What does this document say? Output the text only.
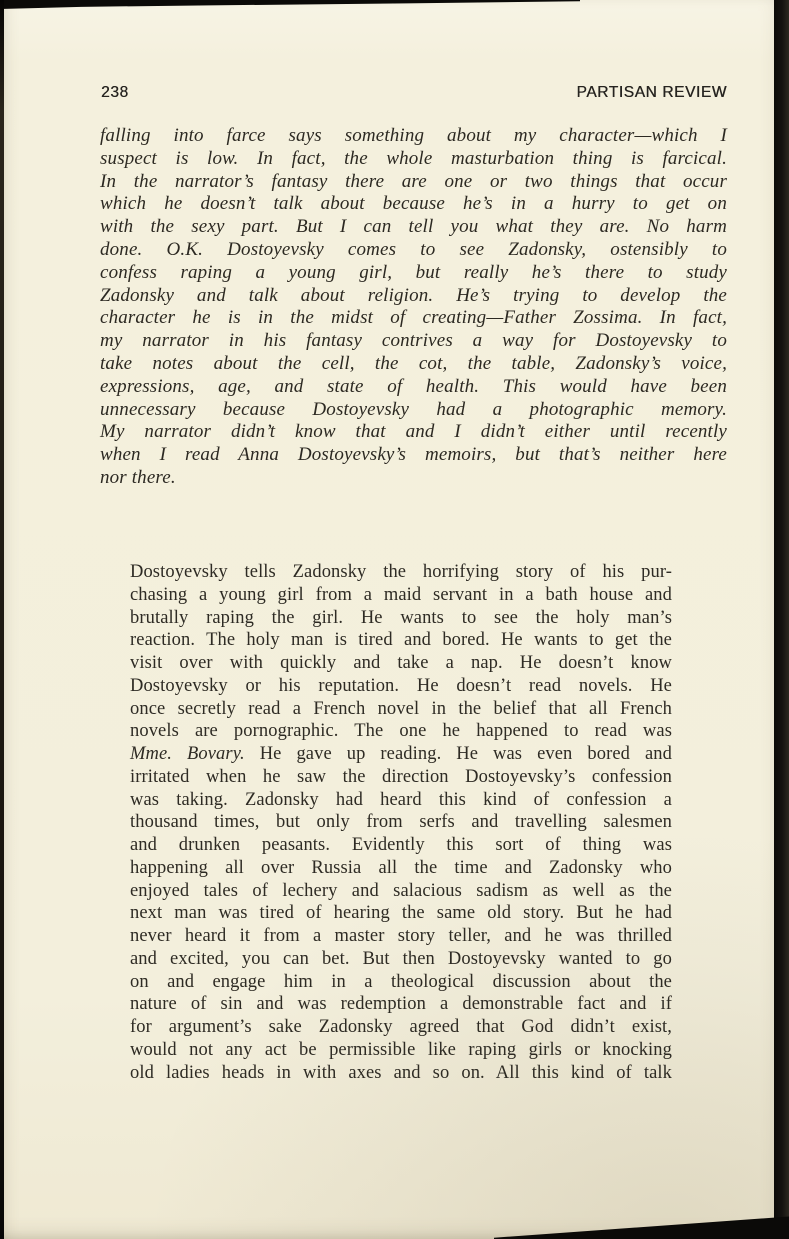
238	PARTISAN REVIEW
falling into farce says something about my character—which I
suspect is low. In fact, the whole masturbation thing is farcical.
In the narrator’s fantasy there are one or two things that occur
which he doesn’t talk about because he’s in a hurry to get on
with the sexy part. But I can tell you what they are. No harm
done. O.K. Dostoyevsky comes to see Zadonsky, ostensibly to
confess raping a young girl, but really he’s there to study
Zadonsky and talk about religion. He’s trying to develop the
character he is in the midst of creating—Father Zossima. In fact,
my narrator in his fantasy contrives a way for Dostoyevsky to
take notes about the cell, the cot, the table, Zadonsky’s voice,
expressions, age, and state of health. This would have been
unnecessary because Dostoyevsky had a photographic memory.
My narrator didn’t know that and I didn’t either until recently
when I read Anna Dostoyevsky’s memoirs, but that’s neither here
nor there.
Dostoyevsky tells Zadonsky the horrifying story of his pur-
chasing a young girl from a maid servant in a bath house and
brutally raping the girl. He wants to see the holy man’s
reaction. The holy man is tired and bored. He wants to get the
visit over with quickly and take a nap. He doesn’t know
Dostoyevsky or his reputation. He doesn’t read novels. He
once secretly read a French novel in the belief that all French
novels are pornographic. The one he happened to read was
Mme. Bovary. He gave up reading. He was even bored and
irritated when he saw the direction Dostoyevsky’s confession
was taking. Zadonsky had heard this kind of confession a
thousand times, but only from serfs and travelling salesmen
and drunken peasants. Evidently this sort of thing was
happening all over Russia all the time and Zadonsky who
enjoyed tales of lechery and salacious sadism as well as the
next man was tired of hearing the same old story. But he had
never heard it from a master story teller, and he was thrilled
and excited, you can bet. But then Dostoyevsky wanted to go
on and engage him in a theological discussion about the
nature of sin and was redemption a demonstrable fact and if
for argument’s sake Zadonsky agreed that God didn’t exist,
would not any act be permissible like raping girls or knocking
old ladies heads in with axes and so on. All this kind of talk
